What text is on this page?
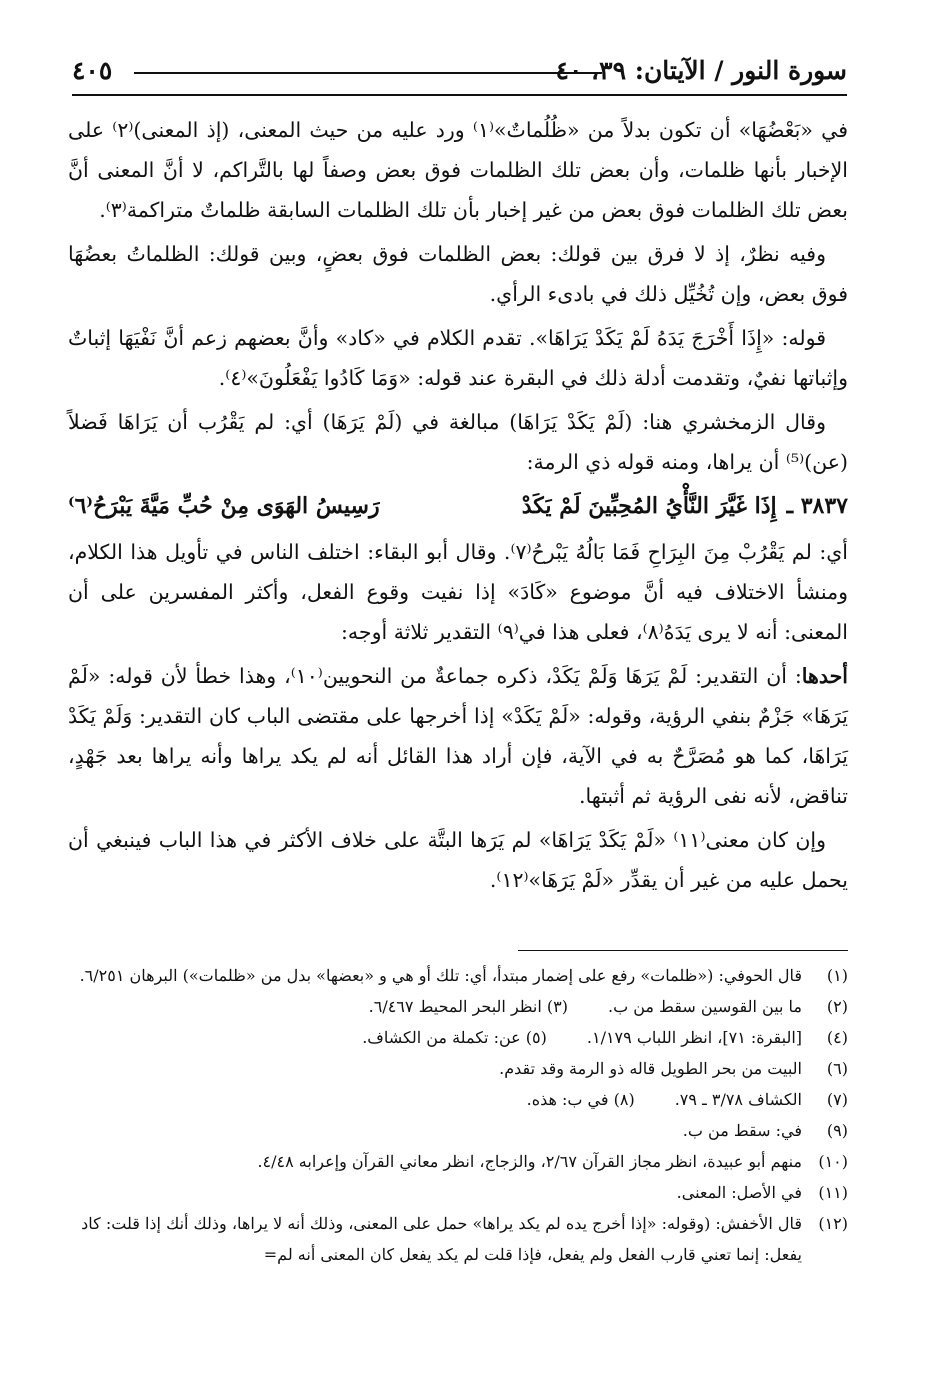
سورة النور / الآيتان: ٣٩، ٤٠
٤٠٥

في «بَعْضُهَا» أن تكون بدلاً من «ظُلُماتٌ»⁽١⁾ ورد عليه من حيث المعنى، (إذ المعنى)⁽٢⁾ على الإخبار بأنها ظلمات، وأن بعض تلك الظلمات فوق بعض وصفاً لها بالتَّراكم، لا أنَّ المعنى أنَّ بعض تلك الظلمات فوق بعض من غير إخبار بأن تلك الظلمات السابقة ظلماتٌ متراكمة⁽٣⁾.

وفيه نظرٌ، إذ لا فرق بين قولك: بعض الظلمات فوق بعضٍ، وبين قولك: الظلماتُ بعضُهَا فوق بعض، وإن تُخُيِّل ذلك في بادىء الرأي.

قوله: «إِذَا أَخْرَجَ يَدَهُ لَمْ يَكَدْ يَرَاهَا». تقدم الكلام في «كاد» وأنَّ بعضهم زعم أنَّ نَفْيَهَا إثباتٌ وإثباتها نفيٌ، وتقدمت أدلة ذلك في البقرة عند قوله: «وَمَا كَادُوا يَفْعَلُونَ»⁽٤⁾.

وقال الزمخشري هنا: (لَمْ يَكَدْ يَرَاهَا) مبالغة في (لَمْ يَرَهَا) أي: لم يَقْرُب أن يَرَاهَا فَضلاً (عن)⁽⁵⁾ أن يراها، ومنه قوله ذي الرمة:

٣٨٣٧ ـ
إِذَا غَيَّرَ النَّأْيُ المُحِبِّينَ لَمْ يَكَدْ
رَسِيسُ الهَوَى مِنْ حُبِّ مَيَّةَ يَبْرَحُ⁽٦⁾

أي: لم يَقْرُبْ مِنَ البِرَاحِ فَمَا بَالُهُ يَبْرحُ⁽٧⁾. وقال أبو البقاء: اختلف الناس في تأويل هذا الكلام، ومنشأ الاختلاف فيه أنَّ موضوع «كَادَ» إذا نفيت وقوع الفعل، وأكثر المفسرين على أن المعنى: أنه لا يرى يَدَهُ⁽٨⁾، فعلى هذا في⁽٩⁾ التقدير ثلاثة أوجه:

أحدها: أن التقدير: لَمْ يَرَهَا وَلَمْ يَكَدْ، ذكره جماعةٌ من النحويين⁽١٠⁾، وهذا خطأ لأن قوله: «لَمْ يَرَهَا» جَزْمٌ بنفي الرؤية، وقوله: «لَمْ يَكَدْ» إذا أخرجها على مقتضى الباب كان التقدير: وَلَمْ يَكَدْ يَرَاهَا، كما هو مُصَرَّحٌ به في الآية، فإن أراد هذا القائل أنه لم يكد يراها وأنه يراها بعد جَهْدٍ، تناقض، لأنه نفى الرؤية ثم أثبتها.

وإن كان معنى⁽١١⁾ «لَمْ يَكَدْ يَرَاهَا» لم يَرَها البتَّة على خلاف الأكثر في هذا الباب فينبغي أن يحمل عليه من غير أن يقدِّر «لَمْ يَرَهَا»⁽١٢⁾.

(١)
قال الحوفي: («ظلمات» رفع على إضمار مبتدأ، أي: تلك أو هي و «بعضها» بدل من «ظلمات») البرهان ٦/٢٥١.
(٢)
ما بين القوسين سقط من ب.
(٣) انظر البحر المحيط ٦/٤٦٧.
(٤)
[البقرة: ٧١]، انظر اللباب ١/١٧٩.
(٥) عن: تكملة من الكشاف.
(٦)
البيت من بحر الطويل قاله ذو الرمة وقد تقدم.
(٧)
الكشاف ٣/٧٨ ـ ٧٩.
(٨) في ب: هذه.
(٩)
في: سقط من ب.
(١٠)
منهم أبو عبيدة، انظر مجاز القرآن ٢/٦٧، والزجاج، انظر معاني القرآن وإعرابه ٤/٤٨.
(١١)
في الأصل: المعنى.
(١٢)
قال الأخفش: (وقوله: «إذا أخرج يده لم يكد يراها» حمل على المعنى، وذلك أنه لا يراها، وذلك أنك إذا قلت: كاد يفعل: إنما تعني قارب الفعل ولم يفعل، فإذا قلت لم يكد يفعل كان المعنى أنه لم=
